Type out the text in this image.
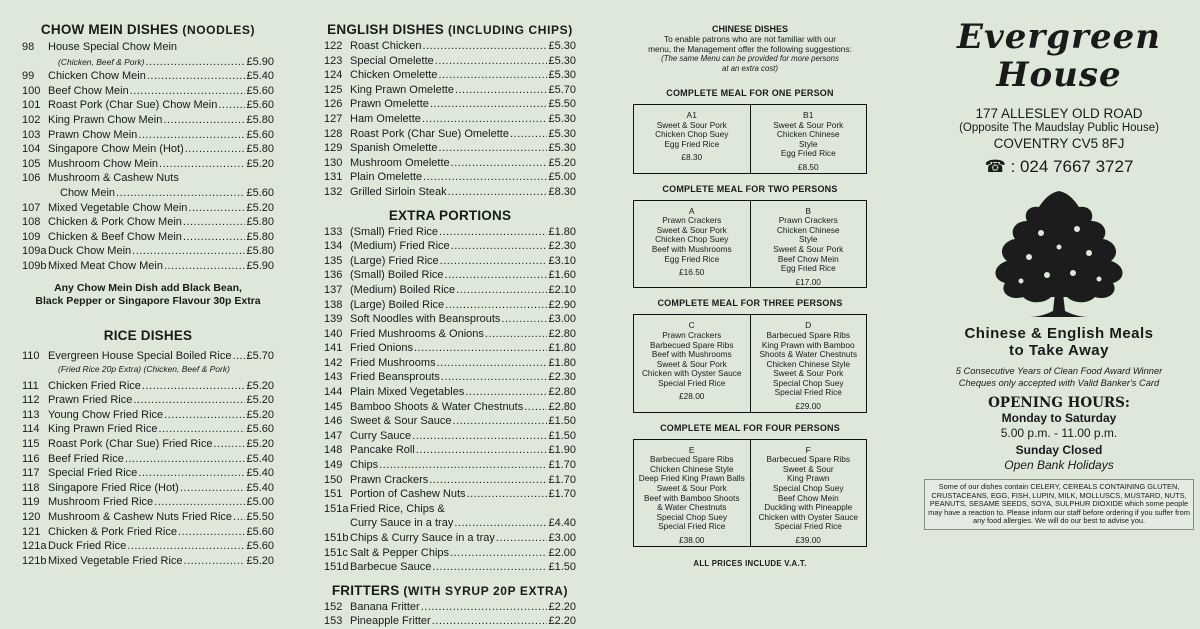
CHOW MEIN DISHES (NOODLES)
98	House Special Chow Mein
(Chicken, Beef & Pork) .....	£5.90
99	Chicken Chow Mein .....	£5.40
100 Beef Chow Mein .....	£5.60
101 Roast Pork (Char Sue) Chow Mein .....	£5.60
102 King Prawn Chow Mein .....	£5.80
103 Prawn Chow Mein .....	£5.60
104 Singapore Chow Mein (Hot) .....	£5.80
105 Mushroom Chow Mein .....	£5.20
106 Mushroom & Cashew Nuts
Chow Mein .....	£5.60
107 Mixed Vegetable Chow Mein .....	£5.20
108 Chicken & Pork Chow Mein .....	£5.80
109 Chicken & Beef Chow Mein .....	£5.80
109a Duck Chow Mein .....	£5.80
109b Mixed Meat Chow Mein .....	£5.90
Any Chow Mein Dish add Black Bean,
Black Pepper or Singapore Flavour 30p Extra
RICE DISHES
110 Evergreen House Special Boiled Rice ..... £5.70
(Fried Rice 20p Extra) (Chicken, Beef & Pork)
111 Chicken Fried Rice .....	£5.20
112 Prawn Fried Rice .....	£5.20
113 Young Chow Fried Rice .....	£5.20
114 King Prawn Fried Rice .....	£5.60
115 Roast Pork (Char Sue) Fried Rice .....	£5.20
116 Beef Fried Rice .....	£5.40
117 Special Fried Rice .....	£5.40
118 Singapore Fried Rice (Hot) .....	£5.40
119 Mushroom Fried Rice .....	£5.00
120 Mushroom & Cashew Nuts Fried Rice ..... £5.50
121 Chicken & Pork Fried Rice .....	£5.60
121a Duck Fried Rice .....	£5.60
121b Mixed Vegetable Fried Rice .....	£5.20
ENGLISH DISHES (INCLUDING CHIPS)
122 Roast Chicken .....	£5.30
123 Special Omelette .....	£5.30
124 Chicken Omelette .....	£5.30
125 King Prawn Omelette .....	£5.70
126 Prawn Omelette .....	£5.50
127 Ham Omelette .....	£5.30
128 Roast Pork (Char Sue) Omelette .....	£5.30
129 Spanish Omelette .....	£5.30
130 Mushroom Omelette .....	£5.20
131 Plain Omelette .....	£5.00
132 Grilled Sirloin Steak .....	£8.30
EXTRA PORTIONS
133 (Small) Fried Rice .....	£1.80
134 (Medium) Fried Rice .....	£2.30
135 (Large) Fried Rice .....	£3.10
136 (Small) Boiled Rice .....	£1.60
137 (Medium) Boiled Rice .....	£2.10
138 (Large) Boiled Rice .....	£2.90
139 Soft Noodles with Beansprouts .....	£3.00
140 Fried Mushrooms & Onions .....	£2.80
141 Fried Onions .....	£1.80
142 Fried Mushrooms .....	£1.80
143 Fried Beansprouts .....	£2.30
144 Plain Mixed Vegetables .....	£2.80
145 Bamboo Shoots & Water Chestnuts ..... £2.80
146 Sweet & Sour Sauce .....	£1.50
147 Curry Sauce .....	£1.50
148 Pancake Roll .....	£1.90
149 Chips .....	£1.70
150 Prawn Crackers .....	£1.70
151 Portion of Cashew Nuts .....	£1.70
151a Fried Rice, Chips &
Curry Sauce in a tray .....	£4.40
151b Chips & Curry Sauce in a tray .....	£3.00
151c Salt & Pepper Chips .....	£2.00
151d Barbecue Sauce .....	£1.50
FRITTERS (WITH SYRUP 20P EXTRA)
152 Banana Fritter .....	£2.20
153 Pineapple Fritter .....	£2.20
CHINESE DISHES
To enable patrons who are not familiar with our
menu, the Management offer the following suggestions:
(The same Menu can be provided for more persons
at an extra cost)
COMPLETE MEAL FOR ONE PERSON
A1
Sweet & Sour Pork
Chicken Chop Suey
Egg Fried Rice
£8.30
B1
Sweet & Sour Pork
Chicken Chinese
Style
Egg Fried Rice
£8.50
COMPLETE MEAL FOR TWO PERSONS
A
Prawn Crackers
Sweet & Sour Pork
Chicken Chop Suey
Beef with Mushrooms
Egg Fried Rice
£16.50
B
Prawn Crackers
Chicken Chinese
Style
Sweet & Sour Pork
Beef Chow Mein
Egg Fried Rice
£17.00
COMPLETE MEAL FOR THREE PERSONS
C
Prawn Crackers
Barbecued Spare Ribs
Beef with Mushrooms
Sweet & Sour Pork
Chicken with Oyster Sauce
Special Fried Rice
£28.00
D
Barbecued Spare Ribs
King Prawn with Bamboo
Shoots & Water Chestnuts
Chicken Chinese Style
Sweet & Sour Pork
Special Chop Suey
Special Fried Rice
£29.00
COMPLETE MEAL FOR FOUR PERSONS
E
Barbecued Spare Ribs
Chicken Chinese Style
Deep Fried King Prawn Balls
Sweet & Sour Pork
Beef with Bamboo Shoots
& Water Chestnuts
Special Chop Suey
Special Fried Rice
£38.00
F
Barbecued Spare Ribs
Sweet & Sour
King Prawn
Special Chop Suey
Beef Chow Mein
Duckling with Pineapple
Chicken with Oyster Sauce
Special Fried Rice
£39.00
ALL PRICES INCLUDE V.A.T.
Evergreen
House
177 ALLESLEY OLD ROAD
(Opposite The Maudslay Public House)
COVENTRY CV5 8FJ
☎ : 024 7667 3727
Chinese & English Meals
to Take Away
5 Consecutive Years of Clean Food Award Winner
Cheques only accepted with Valid Banker's Card
OPENING HOURS:
Monday to Saturday
5.00 p.m. - 11.00 p.m.
Sunday Closed
Open Bank Holidays
Some of our dishes contain CELERY, CEREALS CONTAINING GLUTEN, CRUSTACEANS, EGG, FISH, LUPIN, MILK, MOLLUSCS, MUSTARD, NUTS, PEANUTS, SESAME SEEDS, SOYA, SULPHUR DIOXIDE which some people may have a reaction to. Please inform our staff before ordering if you suffer from any food allergies. We will do our best to advise you.
